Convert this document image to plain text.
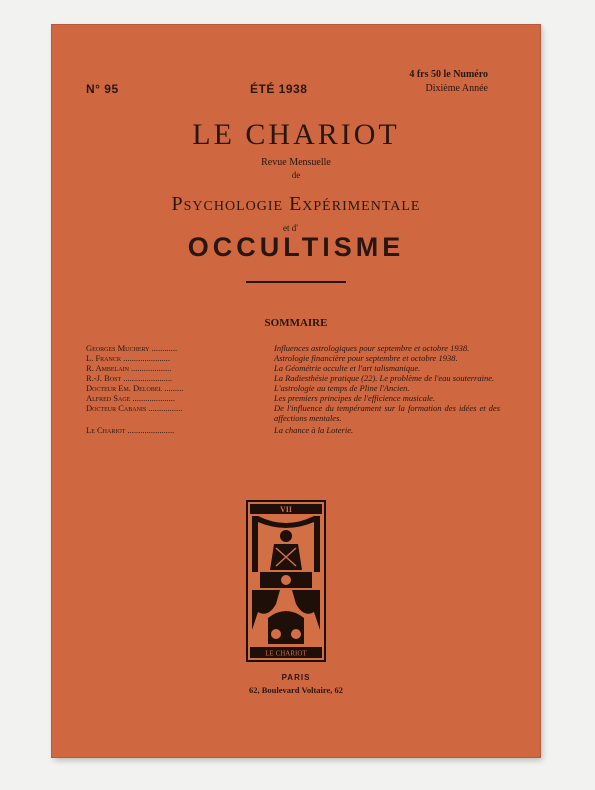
N° 95	ÉTÉ 1938
4 frs 50 le Numéro
Dixième Année
LE CHARIOT
Revue Mensuelle
de
Psychologie Expérimentale
et d'
OCCULTISME
SOMMAIRE
Georges Muchery ............	Influences astrologiques pour septembre et octobre 1938.
L. Franck ......................	Astrologie financière pour septembre et octobre 1938.
R. Ambelain ...................	La Géométrie occulte et l'art talismanique.
R.-J. Bost .......................	La Radiesthésie pratique (22). Le problème de l'eau souterraine.
Docteur Em. Delobel .........	L'astrologie au temps de Pline l'Ancien.
Alfred Sage ....................	Les premiers principes de l'efficience musicale.
Docteur Cabanis ................	De l'influence du tempérament sur la formation des idées et des affections mentales.
Le Chariot ......................	La chance à la Loterie.
VII
LE CHARIOT
PARIS
62, Boulevard Voltaire, 62
